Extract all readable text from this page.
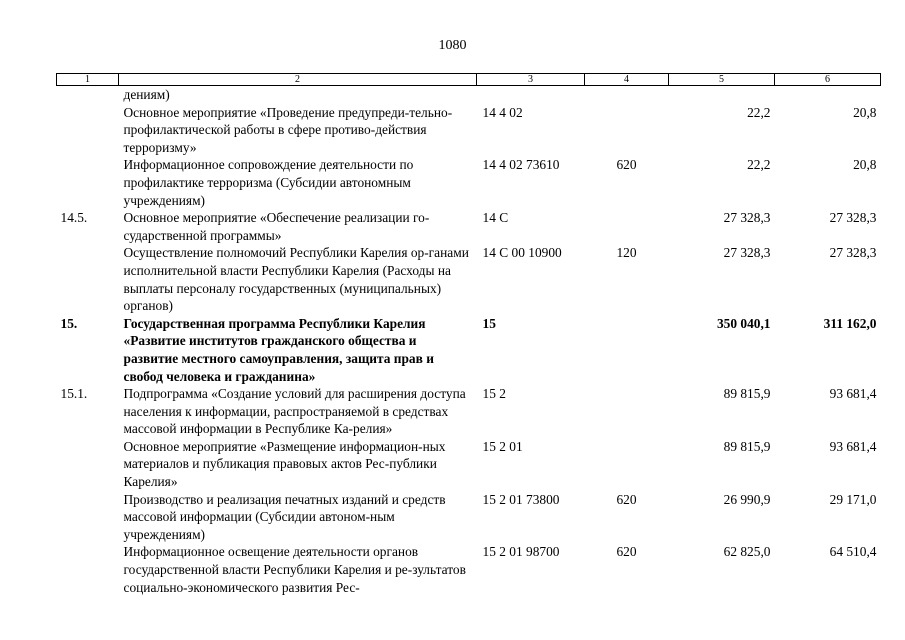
1080
1	2	3	4	5	6
	дениям)				
	Основное мероприятие «Проведение предупреди-тельно-профилактической работы в сфере противо-действия терроризму»	14 4 02		22,2	20,8
	Информационное сопровождение деятельности по профилактике терроризма (Субсидии автономным учреждениям)	14 4 02 73610	620	22,2	20,8
14.5.	Основное мероприятие «Обеспечение реализации го-сударственной программы»	14 С		27 328,3	27 328,3
	Осуществление полномочий Республики Карелия ор-ганами исполнительной власти Республики Карелия (Расходы на выплаты персоналу государственных (муниципальных) органов)	14 С 00 10900	120	27 328,3	27 328,3
15.	Государственная программа Республики Карелия «Развитие институтов гражданского общества и развитие местного самоуправления, защита прав и свобод человека и гражданина»	15		350 040,1	311 162,0
15.1.	Подпрограмма «Создание условий для расширения доступа населения к информации, распространяемой в средствах массовой информации в Республике Ка-релия»	15 2		89 815,9	93 681,4
	Основное мероприятие «Размещение информацион-ных материалов и публикация правовых актов Рес-публики Карелия»	15 2 01		89 815,9	93 681,4
	Производство и реализация печатных изданий и средств массовой информации (Субсидии автоном-ным учреждениям)	15 2 01 73800	620	26 990,9	29 171,0
	Информационное освещение деятельности органов государственной власти Республики Карелия и ре-зультатов социально-экономического развития Рес-	15 2 01 98700	620	62 825,0	64 510,4
